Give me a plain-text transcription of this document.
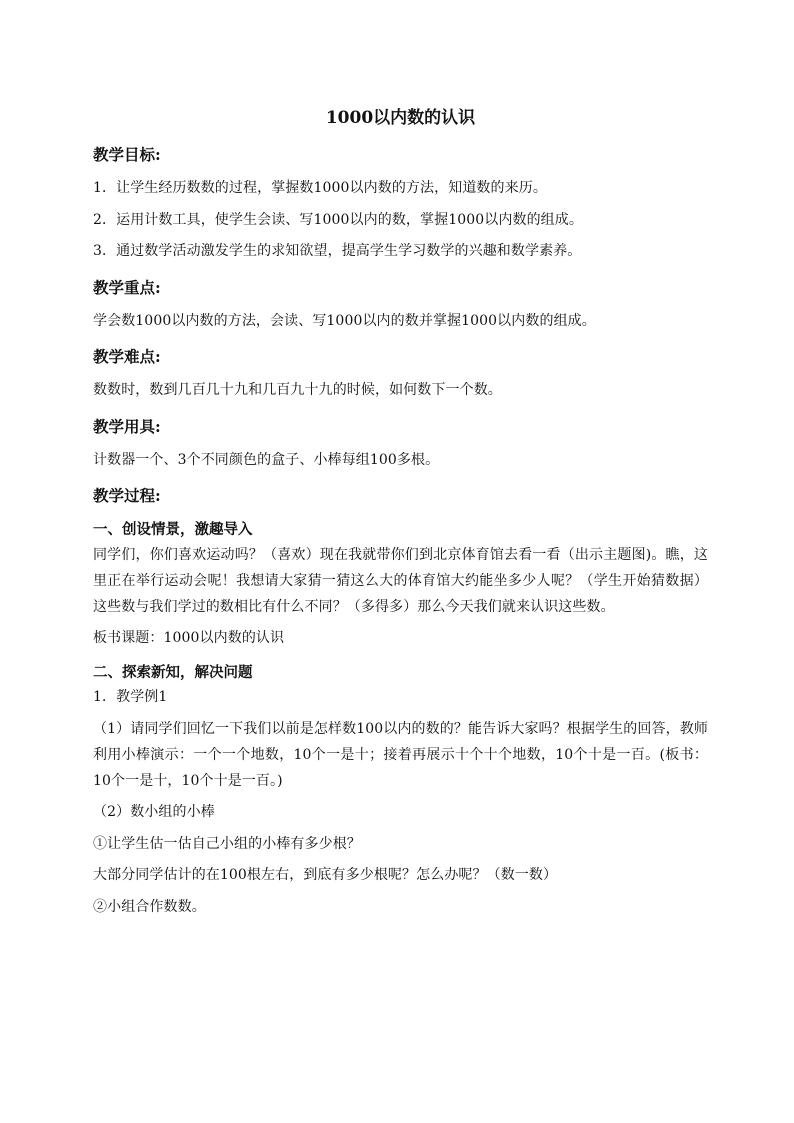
1000以内数的认识
教学目标:

1．让学生经历数数的过程，掌握数1000以内数的方法，知道数的来历。

2．运用计数工具，使学生会读、写1000以内的数，掌握1000以内数的组成。

3．通过数学活动激发学生的求知欲望，提高学生学习数学的兴趣和数学素养。

教学重点:

学会数1000以内数的方法，会读、写1000以内的数并掌握1000以内数的组成。

教学难点:

数数时，数到几百几十九和几百九十九的时候，如何数下一个数。

教学用具:

计数器一个、3个不同颜色的盒子、小棒每组100多根。

教学过程:
一、创设情景，激趣导入

同学们，你们喜欢运动吗？（喜欢）现在我就带你们到北京体育馆去看一看（出示主题图)。瞧，这里正在举行运动会呢！我想请大家猜一猜这么大的体育馆大约能坐多少人呢？（学生开始猜数据）这些数与我们学过的数相比有什么不同？（多得多）那么今天我们就来认识这些数。

板书课题：1000以内数的认识

二、探索新知，解决问题

1．教学例1

（1）请同学们回忆一下我们以前是怎样数100以内的数的？能告诉大家吗？根据学生的回答，教师利用小棒演示：一个一个地数，10个一是十；接着再展示十个十个地数，10个十是一百。(板书：10个一是十，10个十是一百。)

（2）数小组的小棒

①让学生估一估自己小组的小棒有多少根？

大部分同学估计的在100根左右，到底有多少根呢？怎么办呢？（数一数）

②小组合作数数。
